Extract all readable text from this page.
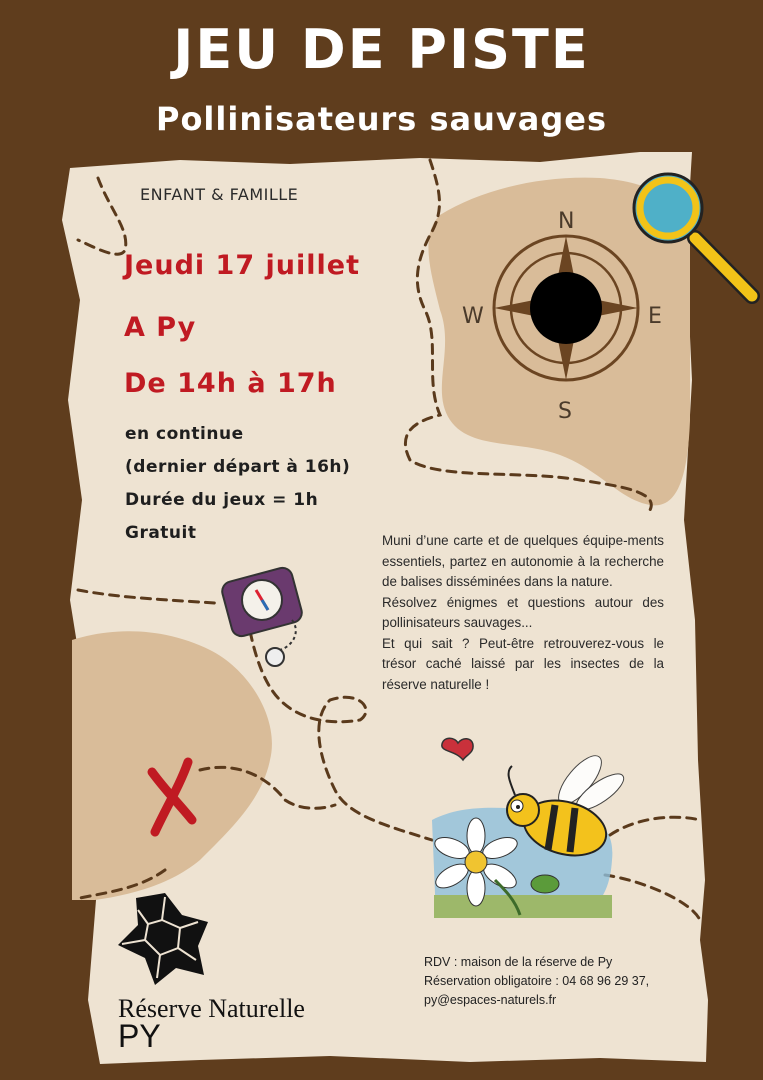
N
S
W	E
JEU DE PISTE
Pollinisateurs sauvages
ENFANT & FAMILLE
Jeudi 17 juillet
A Py
De 14h à 17h
en continue
(dernier départ à 16h)
Durée du jeux = 1h
Gratuit	Muni d’une carte et de quelques équipe-ments essentiels, partez en autonomie à la recherche de balises disséminées dans la nature.

Résolvez énigmes et questions autour des pollinisateurs sauvages...

Et qui sait ? Peut-être retrouverez-vous le trésor caché laissé par les insectes de la réserve naturelle !

RDV : maison de la réserve de Py
Réservation obligatoire : 04 68 96 29 37,
py@espaces-naturels.fr
Réserve Naturelle
PY
